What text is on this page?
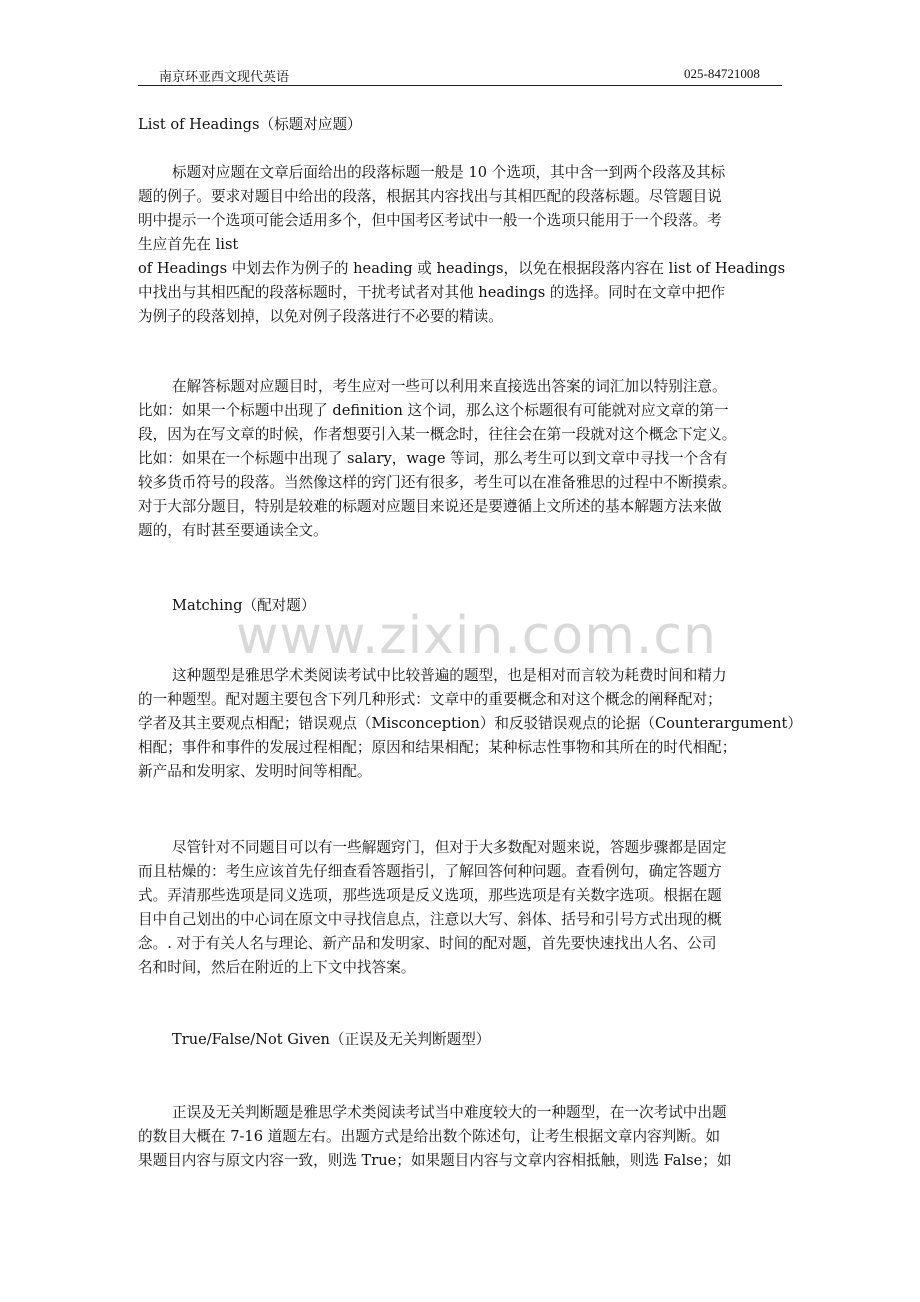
南京环亚西文现代英语	025-84721008
www.zixin.com.cn
List of Headings（标题对应题）
标题对应题在文章后面给出的段落标题一般是 10 个选项，其中含一到两个段落及其标
题的例子。要求对题目中给出的段落，根据其内容找出与其相匹配的段落标题。尽管题目说
明中提示一个选项可能会适用多个，但中国考区考试中一般一个选项只能用于一个段落。考
生应首先在 list
of Headings 中划去作为例子的 heading 或 headings，以免在根据段落内容在 list of Headings
中找出与其相匹配的段落标题时，干扰考试者对其他 headings 的选择。同时在文章中把作
为例子的段落划掉，以免对例子段落进行不必要的精读。
在解答标题对应题目时，考生应对一些可以利用来直接选出答案的词汇加以特别注意。
比如：如果一个标题中出现了 definition 这个词，那么这个标题很有可能就对应文章的第一
段，因为在写文章的时候，作者想要引入某一概念时，往往会在第一段就对这个概念下定义。
比如：如果在一个标题中出现了 salary，wage 等词，那么考生可以到文章中寻找一个含有
较多货币符号的段落。当然像这样的窍门还有很多，考生可以在准备雅思的过程中不断摸索。
对于大部分题目，特别是较难的标题对应题目来说还是要遵循上文所述的基本解题方法来做
题的，有时甚至要通读全文。
Matching（配对题）
这种题型是雅思学术类阅读考试中比较普遍的题型，也是相对而言较为耗费时间和精力
的一种题型。配对题主要包含下列几种形式：文章中的重要概念和对这个概念的阐释配对；
学者及其主要观点相配；错误观点（Misconception）和反驳错误观点的论据（Counterargument）
相配；事件和事件的发展过程相配；原因和结果相配；某种标志性事物和其所在的时代相配；
新产品和发明家、发明时间等相配。
尽管针对不同题目可以有一些解题窍门，但对于大多数配对题来说，答题步骤都是固定
而且枯燥的：考生应该首先仔细查看答题指引，了解回答何种问题。查看例句，确定答题方
式。弄清那些选项是同义选项，那些选项是反义选项，那些选项是有关数字选项。根据在题
目中自己划出的中心词在原文中寻找信息点，注意以大写、斜体、括号和引号方式出现的概
念。. 对于有关人名与理论、新产品和发明家、时间的配对题，首先要快速找出人名、公司
名和时间，然后在附近的上下文中找答案。
True/False/Not Given（正误及无关判断题型）
正误及无关判断题是雅思学术类阅读考试当中难度较大的一种题型，在一次考试中出题
的数目大概在 7-16 道题左右。出题方式是给出数个陈述句，让考生根据文章内容判断。如
果题目内容与原文内容一致，则选 True；如果题目内容与文章内容相抵触，则选 False；如
